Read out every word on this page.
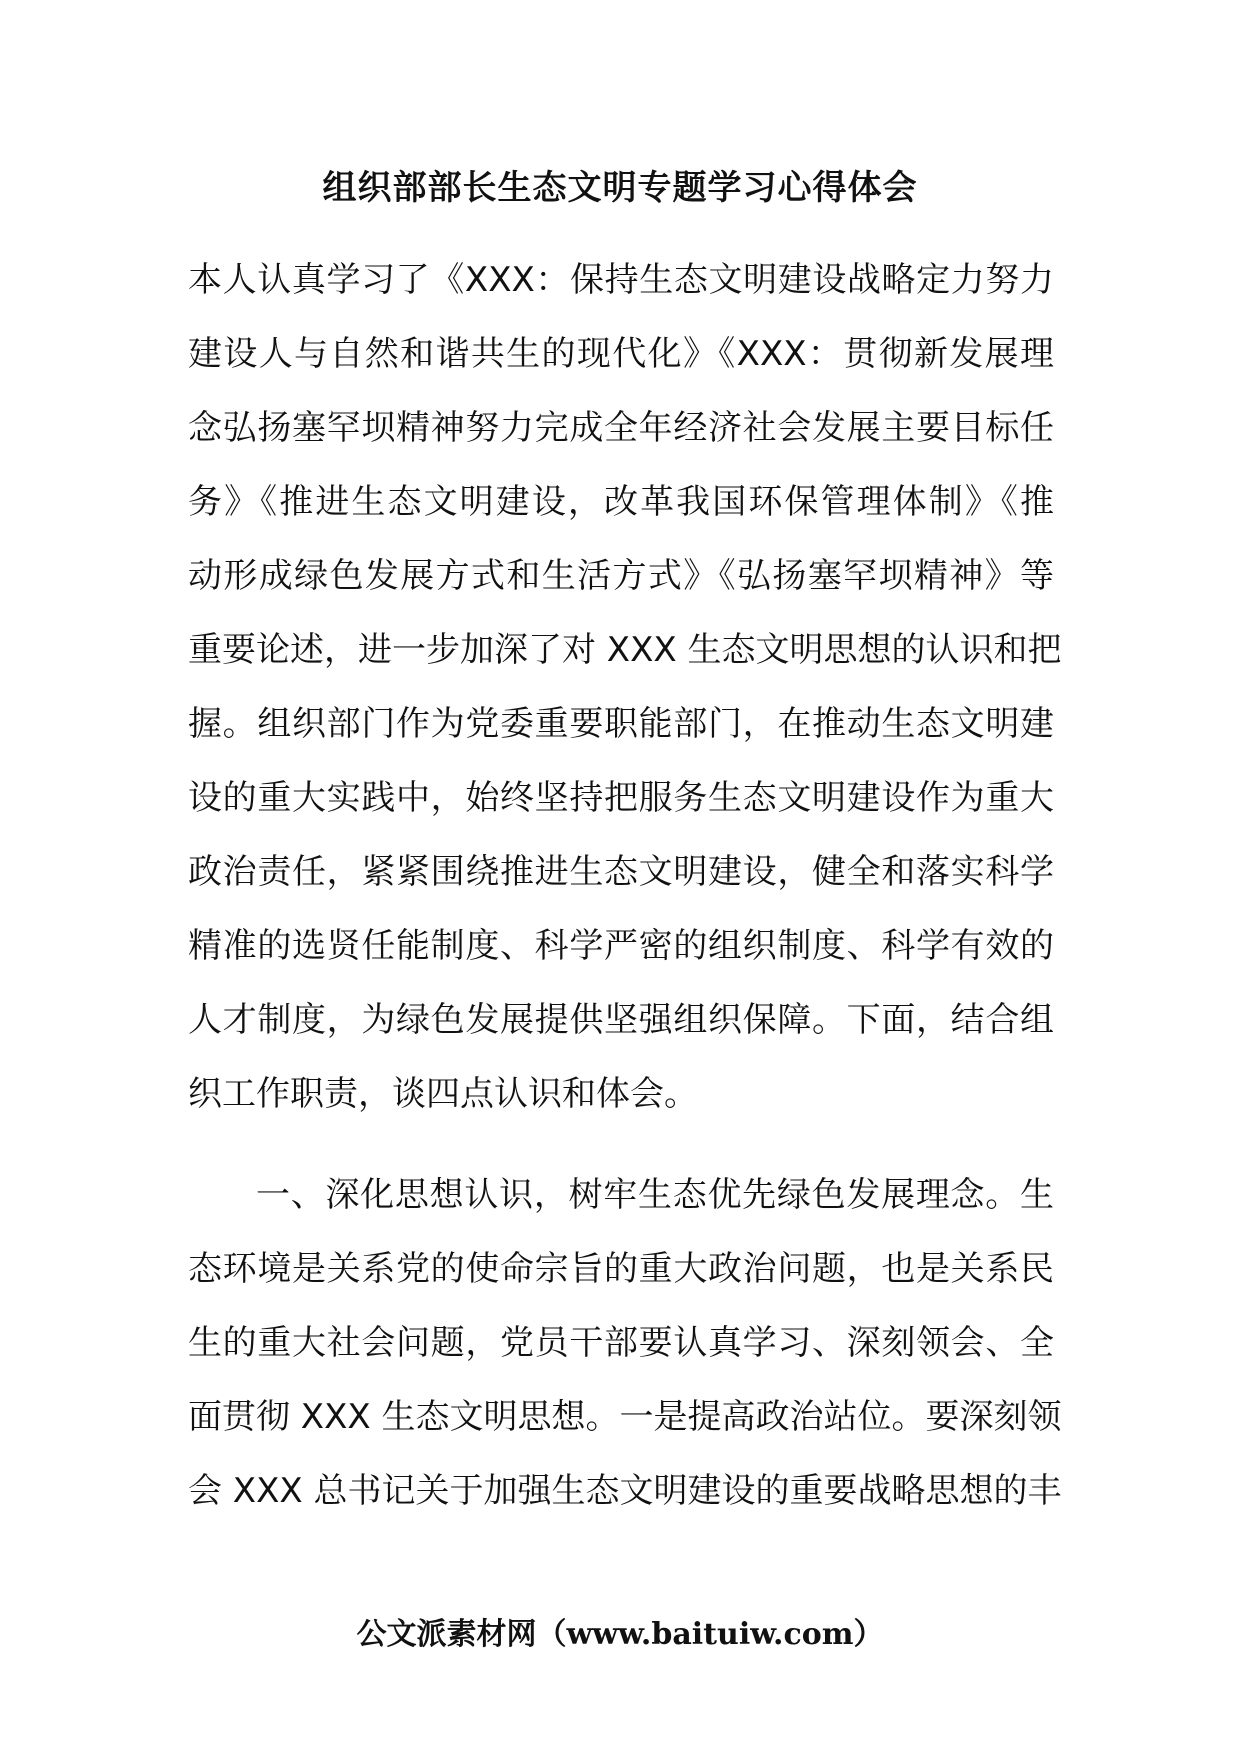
组织部部长生态文明专题学习心得体会
本人认真学习了《XXX：保持生态文明建设战略定力努力
建设人与自然和谐共生的现代化》《XXX：贯彻新发展理
念弘扬塞罕坝精神努力完成全年经济社会发展主要目标任
务》《推进生态文明建设，改革我国环保管理体制》《推
动形成绿色发展方式和生活方式》《弘扬塞罕坝精神》等
重要论述，进一步加深了对 XXX 生态文明思想的认识和把
握。组织部门作为党委重要职能部门，在推动生态文明建
设的重大实践中，始终坚持把服务生态文明建设作为重大
政治责任，紧紧围绕推进生态文明建设，健全和落实科学
精准的选贤任能制度、科学严密的组织制度、科学有效的
人才制度，为绿色发展提供坚强组织保障。下面，结合组
织工作职责，谈四点认识和体会。
一、深化思想认识，树牢生态优先绿色发展理念。生
态环境是关系党的使命宗旨的重大政治问题，也是关系民
生的重大社会问题，党员干部要认真学习、深刻领会、全
面贯彻 XXX 生态文明思想。一是提高政治站位。要深刻领
会 XXX 总书记关于加强生态文明建设的重要战略思想的丰
公文派素材网（www.baituiw.com）
